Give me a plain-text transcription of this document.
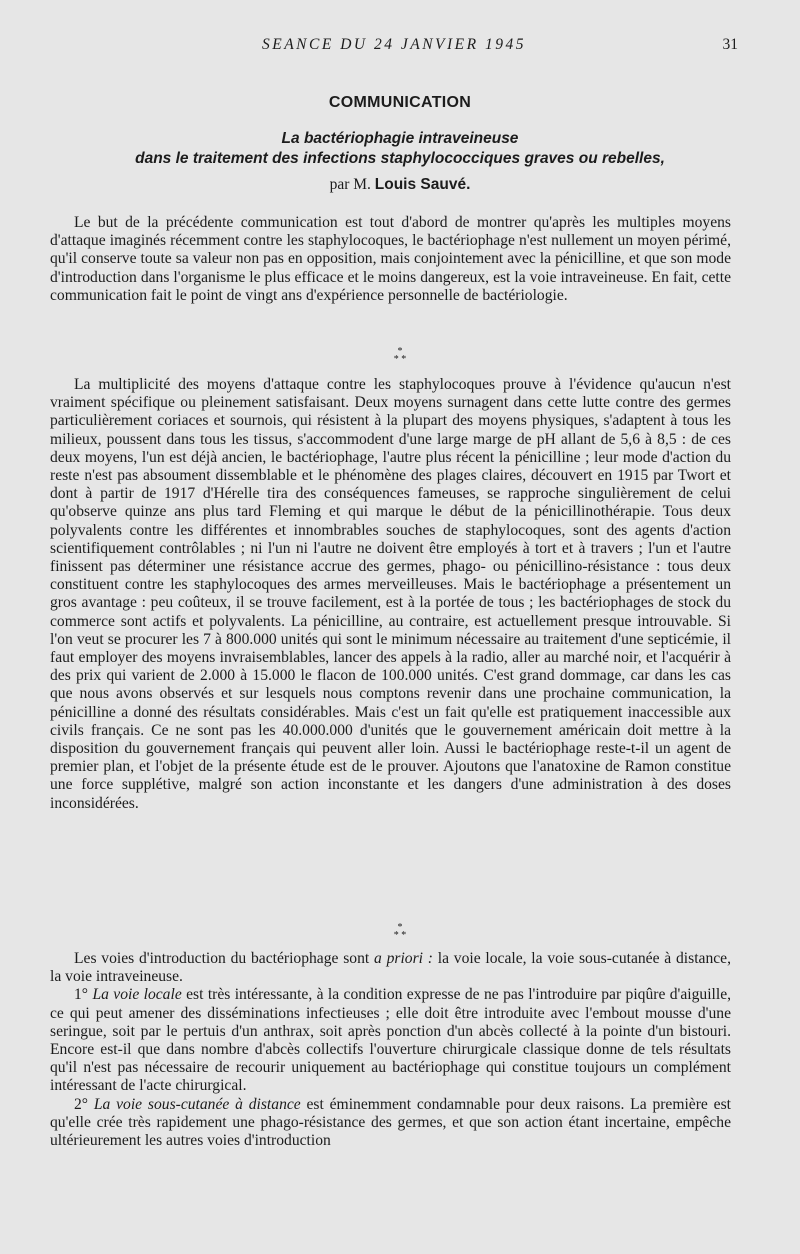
SEANCE DU 24 JANVIER 1945	31
COMMUNICATION
La bactériophagie intraveineuse
dans le traitement des infections staphylococciques graves ou rebelles,
par M. Louis Sauvé.

Le but de la précédente communication est tout d'abord de montrer qu'après les multiples moyens d'attaque imaginés récemment contre les staphylocoques, le bactériophage n'est nullement un moyen périmé, qu'il conserve toute sa valeur non pas en opposition, mais conjointement avec la pénicilline, et que son mode d'introduction dans l'organisme le plus efficace et le moins dangereux, est la voie intraveineuse. En fait, cette communication fait le point de vingt ans d'expérience personnelle de bactériologie.

*
* *

La multiplicité des moyens d'attaque contre les staphylocoques prouve à l'évidence qu'aucun n'est vraiment spécifique ou pleinement satisfaisant. Deux moyens surnagent dans cette lutte contre des germes particulièrement coriaces et sournois, qui résistent à la plupart des moyens physiques, s'adaptent à tous les milieux, poussent dans tous les tissus, s'accommodent d'une large marge de pH allant de 5,6 à 8,5 : de ces deux moyens, l'un est déjà ancien, le bactériophage, l'autre plus récent la pénicilline ; leur mode d'action du reste n'est pas absoument dissemblable et le phénomène des plages claires, découvert en 1915 par Twort et dont à partir de 1917 d'Hérelle tira des conséquences fameuses, se rapproche singulièrement de celui qu'observe quinze ans plus tard Fleming et qui marque le début de la pénicillinothérapie. Tous deux polyvalents contre les différentes et innombrables souches de staphylocoques, sont des agents d'action scientifiquement contrôlables ; ni l'un ni l'autre ne doivent être employés à tort et à travers ; l'un et l'autre finissent pas déterminer une résistance accrue des germes, phago- ou pénicillino-résistance : tous deux constituent contre les staphylocoques des armes merveilleuses. Mais le bactériophage a présentement un gros avantage : peu coûteux, il se trouve facilement, est à la portée de tous ; les bactériophages de stock du commerce sont actifs et polyvalents. La pénicilline, au contraire, est actuellement presque introuvable. Si l'on veut se procurer les 7 à 800.000 unités qui sont le minimum nécessaire au traitement d'une septicémie, il faut employer des moyens invraisemblables, lancer des appels à la radio, aller au marché noir, et l'acquérir à des prix qui varient de 2.000 à 15.000 le flacon de 100.000 unités. C'est grand dommage, car dans les cas que nous avons observés et sur lesquels nous comptons revenir dans une prochaine communication, la pénicilline a donné des résultats considérables. Mais c'est un fait qu'elle est pratiquement inaccessible aux civils français. Ce ne sont pas les 40.000.000 d'unités que le gouvernement américain doit mettre à la disposition du gouvernement français qui peuvent aller loin. Aussi le bactériophage reste-t-il un agent de premier plan, et l'objet de la présente étude est de le prouver. Ajoutons que l'anatoxine de Ramon constitue une force supplétive, malgré son action inconstante et les dangers d'une administration à des doses inconsidérées.

*
* *

Les voies d'introduction du bactériophage sont a priori : la voie locale, la voie sous-cutanée à distance, la voie intraveineuse.

1° La voie locale est très intéressante, à la condition expresse de ne pas l'introduire par piqûre d'aiguille, ce qui peut amener des disséminations infectieuses ; elle doit être introduite avec l'embout mousse d'une seringue, soit par le pertuis d'un anthrax, soit après ponction d'un abcès collecté à la pointe d'un bistouri. Encore est-il que dans nombre d'abcès collectifs l'ouverture chirurgicale classique donne de tels résultats qu'il n'est pas nécessaire de recourir uniquement au bactériophage qui constitue toujours un complément intéressant de l'acte chirurgical.

2° La voie sous-cutanée à distance est éminemment condamnable pour deux raisons. La première est qu'elle crée très rapidement une phago-résistance des germes, et que son action étant incertaine, empêche ultérieurement les autres voies d'introduction
